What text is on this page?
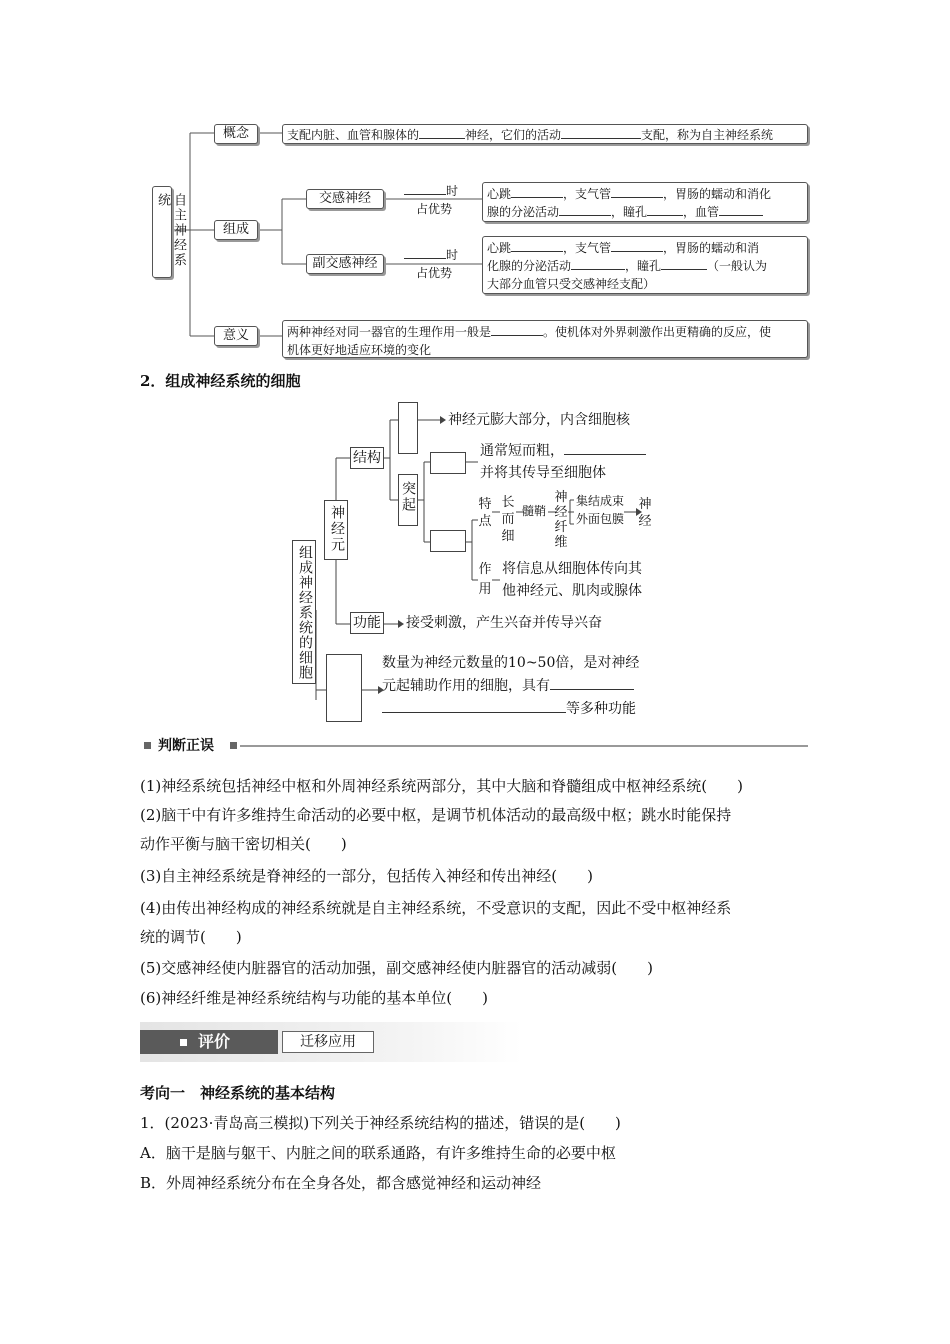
自主神经系统
概念	支配内脏、血管和腺体的	神经，它们的活动	支配，称为自主神经系统
组成
交感神经	时
占优势
心跳	，支气管	，胃肠的蠕动和消化
腺的分泌活动	，瞳孔	，血管
副交感神经
时
占优势
心跳	，支气管	，胃肠的蠕动和消
化腺的分泌活动	，瞳孔	（一般认为
大部分血管只受交感神经支配）
意义	两种神经对同一器官的生理作用一般是	。使机体对外界刺激作出更精确的反应，使
机体更好地适应环境的变化
2．组成神经系统的细胞
组成神经系统的细胞
神经元
结构
神经元膨大部分，内含细胞核
突起
通常短而粗，
并将其传导至细胞体
特点
长而细
髓鞘
神经纤维
集结成束
外面包膜
神经
作用
将信息从细胞体传向其
他神经元、肌肉或腺体
功能 接受刺激，产生兴奋并传导兴奋
数量为神经元数量的10~50倍，是对神经
元起辅助作用的细胞，具有
等多种功能
判断正误
(1)神经系统包括神经中枢和外周神经系统两部分，其中大脑和脊髓组成中枢神经系统(　　)
(2)脑干中有许多维持生命活动的必要中枢，是调节机体活动的最高级中枢；跳水时能保持
动作平衡与脑干密切相关(　　)
(3)自主神经系统是脊神经的一部分，包括传入神经和传出神经(　　)
(4)由传出神经构成的神经系统就是自主神经系统，不受意识的支配，因此不受中枢神经系
统的调节(　　)
(5)交感神经使内脏器官的活动加强，副交感神经使内脏器官的活动减弱(　　)
(6)神经纤维是神经系统结构与功能的基本单位(　　)
评价	迁移应用
考向一　神经系统的基本结构
1．(2023·青岛高三模拟)下列关于神经系统结构的描述，错误的是(　　)
A．脑干是脑与躯干、内脏之间的联系通路，有许多维持生命的必要中枢
B．外周神经系统分布在全身各处，都含感觉神经和运动神经
